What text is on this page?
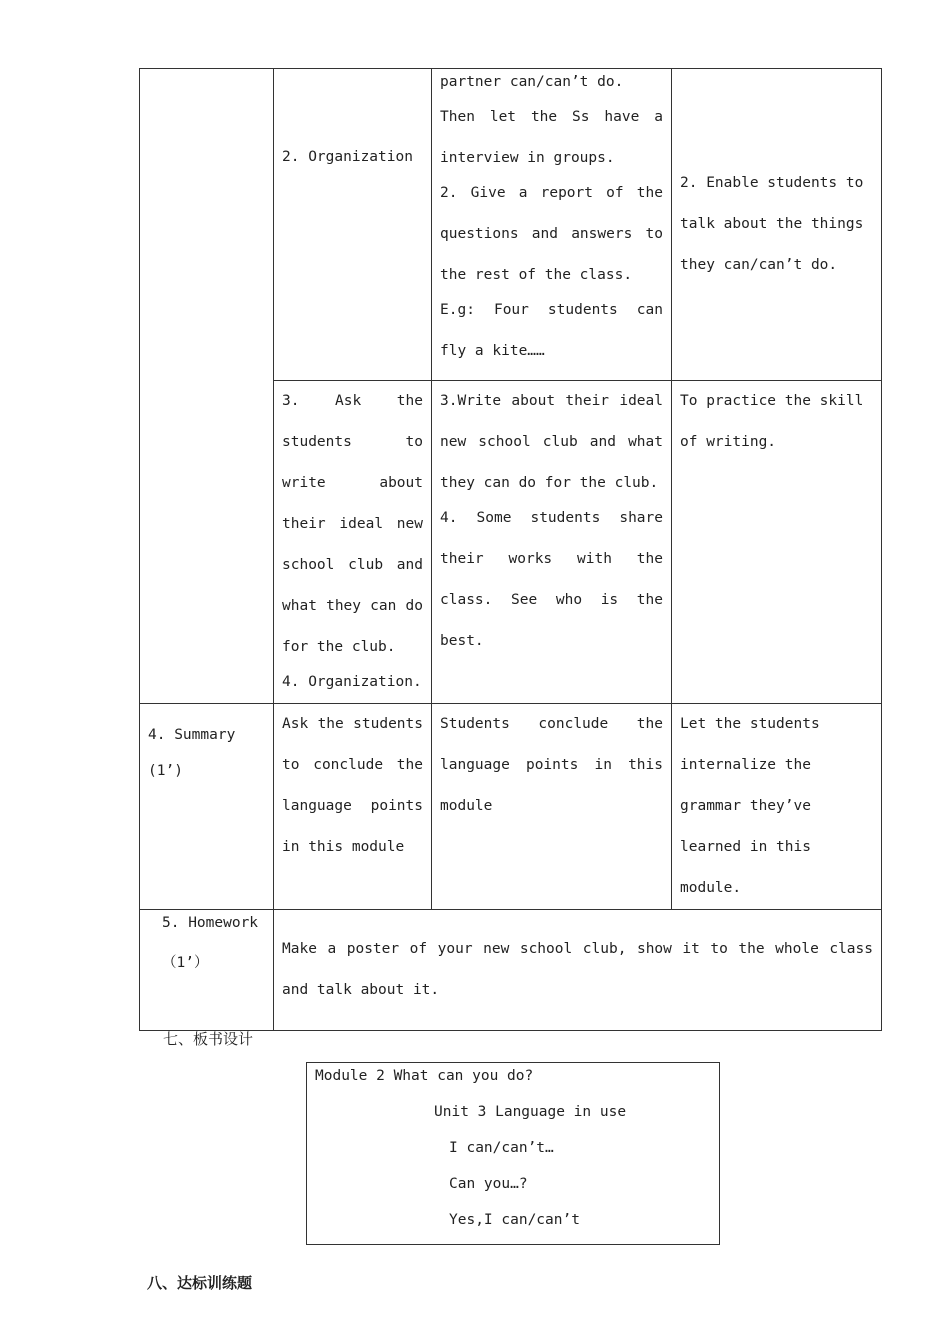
	2. Organization	partner can/can’t do.
Then let the Ss have a interview in groups.
2. Give a report of the questions and answers to the rest of the class.
E.g: Four students can fly a kite……	2. Enable students to talk about the things they can/can’t do.

	3. Ask the students to write about their ideal new school club and what they can do for the club.
4. Organization.	3.Write about their ideal new school club and what they can do for the club.
4. Some students share their works with the class. See who is the best.	To practice the skill of writing.

4. Summary (1’)	Ask the students to conclude the language points in this module	Students conclude the language points in this module	Let the students internalize the grammar they’ve learned in this module.

5. Homework（1’）	Make a poster of your new school club, show it to the whole class and talk about it.		
七、板书设计
Module 2 What can you do?
Unit 3 Language in use
I can/can’t…
Can you…?
Yes,I can/can’t
八、达标训练题
